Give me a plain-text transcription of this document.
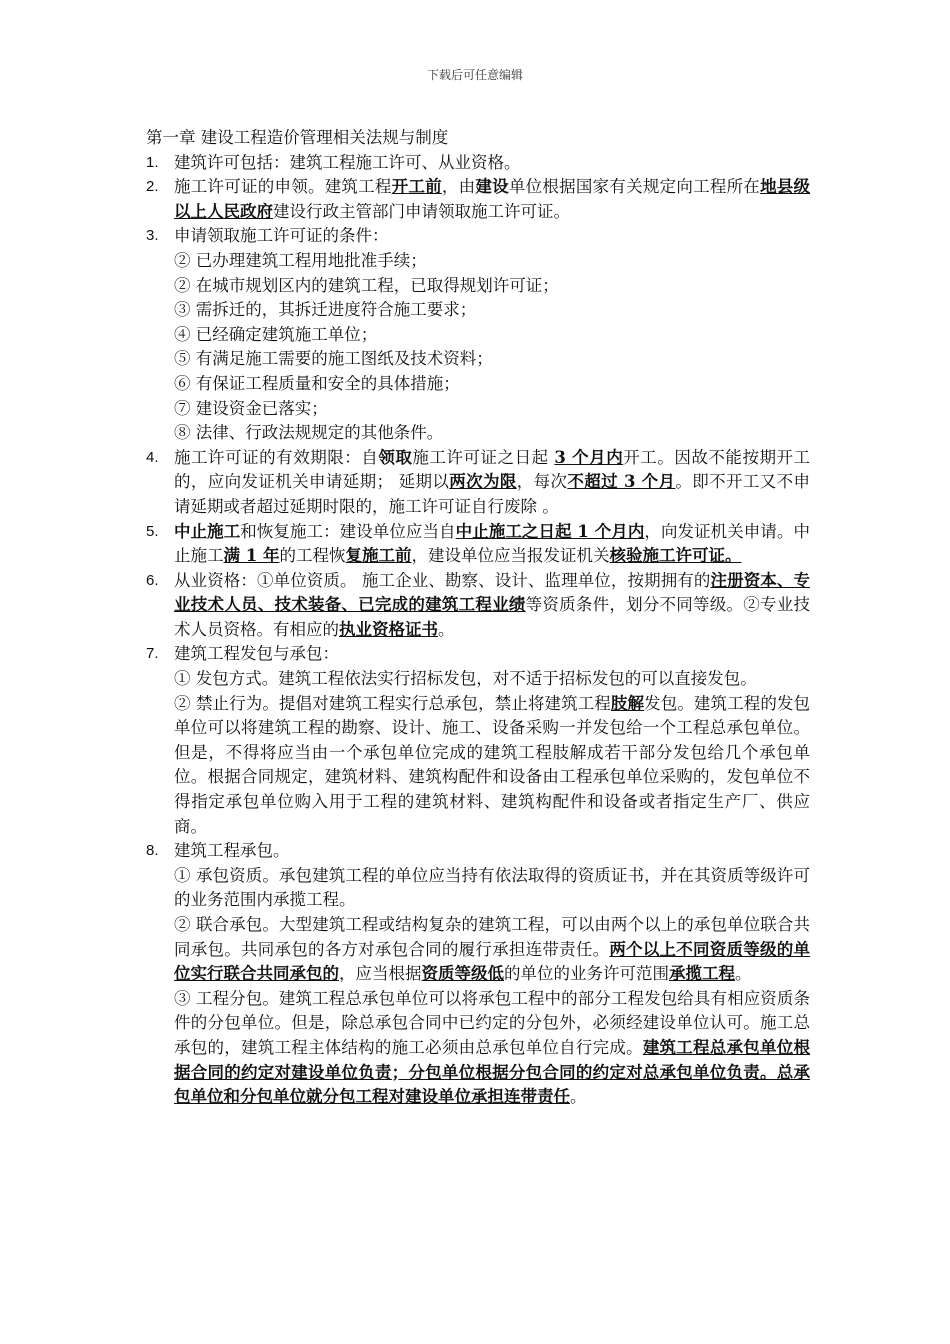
下载后可任意编辑
第一章 建设工程造价管理相关法规与制度
1. 建筑许可包括：建筑工程施工许可、从业资格。
2. 施工许可证的申领。建筑工程开工前，由建设单位根据国家有关规定向工程所在地县级以上人民政府建设行政主管部门申请领取施工许可证。
3. 申请领取施工许可证的条件：
② 已办理建筑工程用地批准手续；
② 在城市规划区内的建筑工程，已取得规划许可证；
③ 需拆迁的，其拆迁进度符合施工要求；
④ 已经确定建筑施工单位；
⑤ 有满足施工需要的施工图纸及技术资料；
⑥ 有保证工程质量和安全的具体措施；
⑦ 建设资金已落实；
⑧ 法律、行政法规规定的其他条件。
4. 施工许可证的有效期限：自领取施工许可证之日起 3 个月内开工。因故不能按期开工的，应向发证机关申请延期； 延期以两次为限，每次不超过 3 个月。即不开工又不申请延期或者超过延期时限的，施工许可证自行废除 。
5. 中止施工和恢复施工：建设单位应当自中止施工之日起 1 个月内，向发证机关申请。中止施工满 1 年的工程恢复施工前，建设单位应当报发证机关核验施工许可证。
6. 从业资格：①单位资质。 施工企业、勘察、设计、监理单位，按期拥有的注册资本、专业技术人员、技术装备、已完成的建筑工程业绩等资质条件，划分不同等级。②专业技术人员资格。有相应的执业资格证书。
7. 建筑工程发包与承包：
① 发包方式。建筑工程依法实行招标发包，对不适于招标发包的可以直接发包。
② 禁止行为。提倡对建筑工程实行总承包，禁止将建筑工程肢解发包。建筑工程的发包单位可以将建筑工程的勘察、设计、施工、设备采购一并发包给一个工程总承包单位。但是，不得将应当由一个承包单位完成的建筑工程肢解成若干部分发包给几个承包单位。根据合同规定，建筑材料、建筑构配件和设备由工程承包单位采购的，发包单位不得指定承包单位购入用于工程的建筑材料、建筑构配件和设备或者指定生产厂、供应商。
8. 建筑工程承包。
① 承包资质。承包建筑工程的单位应当持有依法取得的资质证书，并在其资质等级许可的业务范围内承揽工程。
② 联合承包。大型建筑工程或结构复杂的建筑工程，可以由两个以上的承包单位联合共同承包。共同承包的各方对承包合同的履行承担连带责任。两个以上不同资质等级的单位实行联合共同承包的，应当根据资质等级低的单位的业务许可范围承揽工程。
③ 工程分包。建筑工程总承包单位可以将承包工程中的部分工程发包给具有相应资质条件的分包单位。但是，除总承包合同中已约定的分包外，必须经建设单位认可。施工总承包的，建筑工程主体结构的施工必须由总承包单位自行完成。建筑工程总承包单位根据合同的约定对建设单位负责；分包单位根据分包合同的约定对总承包单位负责。总承包单位和分包单位就分包工程对建设单位承担连带责任。
